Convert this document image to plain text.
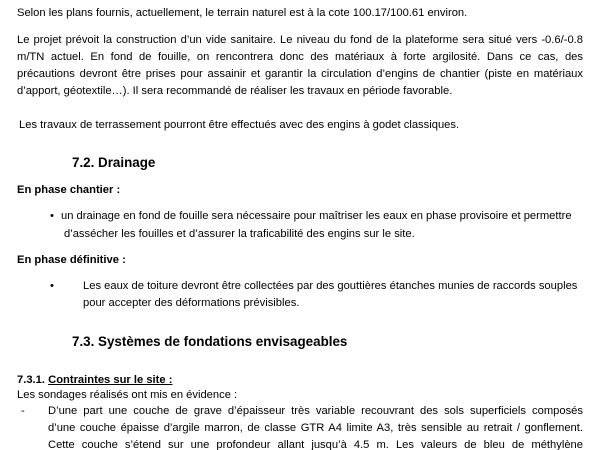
Selon les plans fournis, actuellement, le terrain naturel est à la cote 100.17/100.61 environ.
Le projet prévoit la construction d’un vide sanitaire. Le niveau du fond de la plateforme sera situé vers -0.6/-0.8
m/TN actuel. En fond de fouille, on rencontrera donc des matériaux à forte argilosité. Dans ce cas, des
précautions devront être prises pour assainir et garantir la circulation d’engins de chantier (piste en matériaux
d’apport, géotextile…). Il sera recommandé de réaliser les travaux en période favorable.
Les travaux de terrassement pourront être effectués avec des engins à godet classiques.
7.2. Drainage
En phase chantier :
• un drainage en fond de fouille sera nécessaire pour maîtriser les eaux en phase provisoire et permettre
d’assécher les fouilles et d’assurer la traficabilité des engins sur le site.
En phase définitive :
•	Les eaux de toiture devront être collectées par des gouttières étanches munies de raccords souples
pour accepter des déformations prévisibles.
7.3. Systèmes de fondations envisageables
7.3.1. Contraintes sur le site :
Les sondages réalisés ont mis en évidence :
- D’une part une couche de grave d’épaisseur très variable recouvrant des sols superficiels composés
d’une couche épaisse d’argile marron, de classe GTR A4 limite A3, très sensible au retrait / gonflement.
Cette couche s’étend sur une profondeur allant jusqu’à 4.5 m. Les valeurs de bleu de méthylène
